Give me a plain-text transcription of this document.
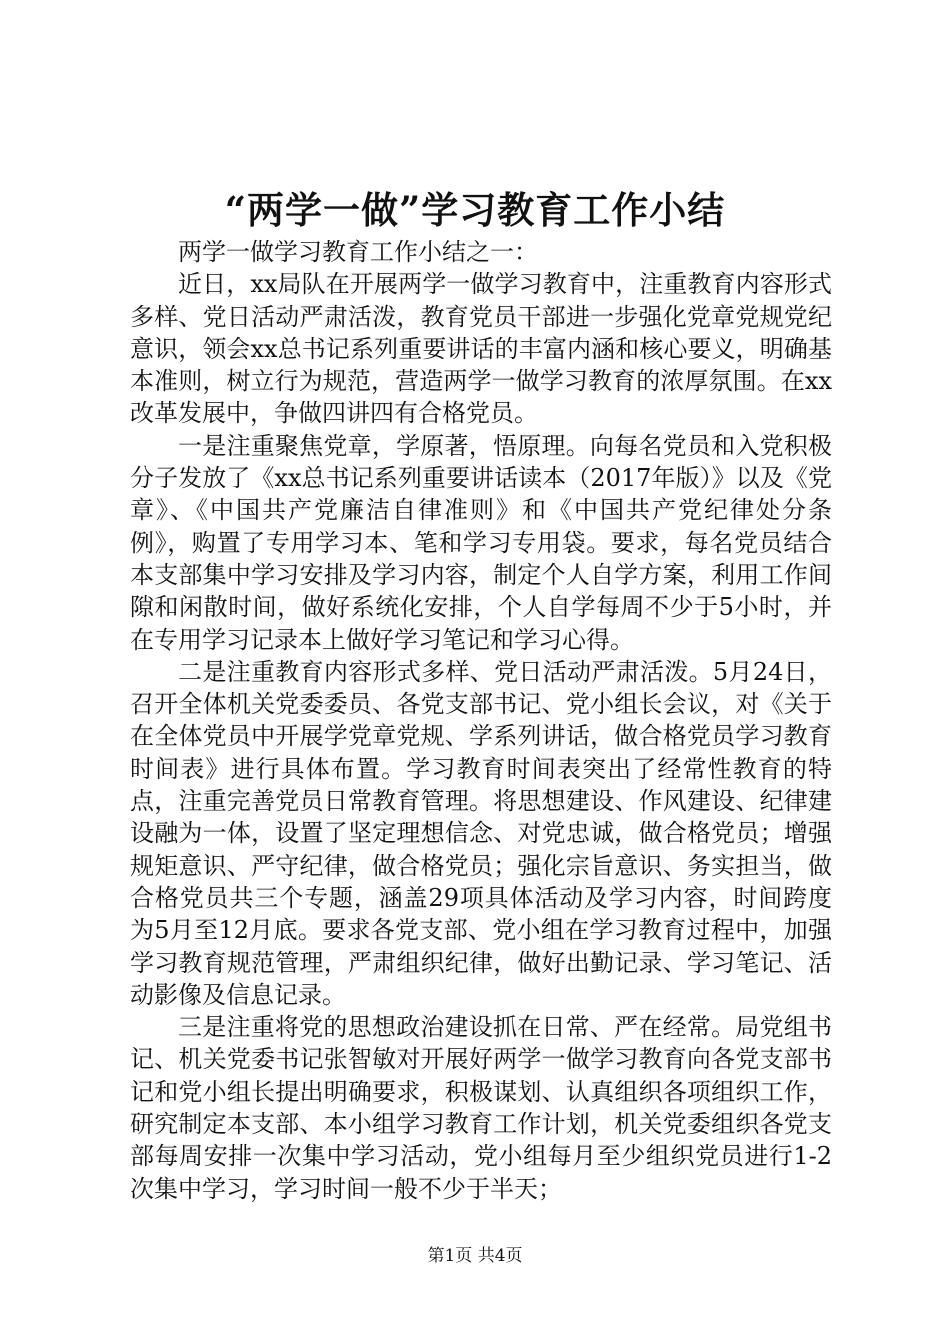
“两学一做”学习教育工作小结

两学一做学习教育工作小结之一：

近日，xx局队在开展两学一做学习教育中，注重教育内容形式多样、党日活动严肃活泼，教育党员干部进一步强化党章党规党纪意识，领会xx总书记系列重要讲话的丰富内涵和核心要义，明确基本准则，树立行为规范，营造两学一做学习教育的浓厚氛围。在xx改革发展中，争做四讲四有合格党员。

一是注重聚焦党章，学原著，悟原理。向每名党员和入党积极分子发放了《xx总书记系列重要讲话读本（2017年版）》以及《党章》、《中国共产党廉洁自律准则》和《中国共产党纪律处分条例》，购置了专用学习本、笔和学习专用袋。要求，每名党员结合本支部集中学习安排及学习内容，制定个人自学方案，利用工作间隙和闲散时间，做好系统化安排，个人自学每周不少于5小时，并在专用学习记录本上做好学习笔记和学习心得。

二是注重教育内容形式多样、党日活动严肃活泼。5月24日，召开全体机关党委委员、各党支部书记、党小组长会议，对《关于在全体党员中开展学党章党规、学系列讲话，做合格党员学习教育时间表》进行具体布置。学习教育时间表突出了经常性教育的特点，注重完善党员日常教育管理。将思想建设、作风建设、纪律建设融为一体，设置了坚定理想信念、对党忠诚，做合格党员；增强规矩意识、严守纪律，做合格党员；强化宗旨意识、务实担当，做合格党员共三个专题，涵盖29项具体活动及学习内容，时间跨度为5月至12月底。要求各党支部、党小组在学习教育过程中，加强学习教育规范管理，严肃组织纪律，做好出勤记录、学习笔记、活动影像及信息记录。

三是注重将党的思想政治建设抓在日常、严在经常。局党组书记、机关党委书记张智敏对开展好两学一做学习教育向各党支部书记和党小组长提出明确要求，积极谋划、认真组织各项组织工作，研究制定本支部、本小组学习教育工作计划，机关党委组织各党支部每周安排一次集中学习活动，党小组每月至少组织党员进行1-2次集中学习，学习时间一般不少于半天；

第1页 共4页
